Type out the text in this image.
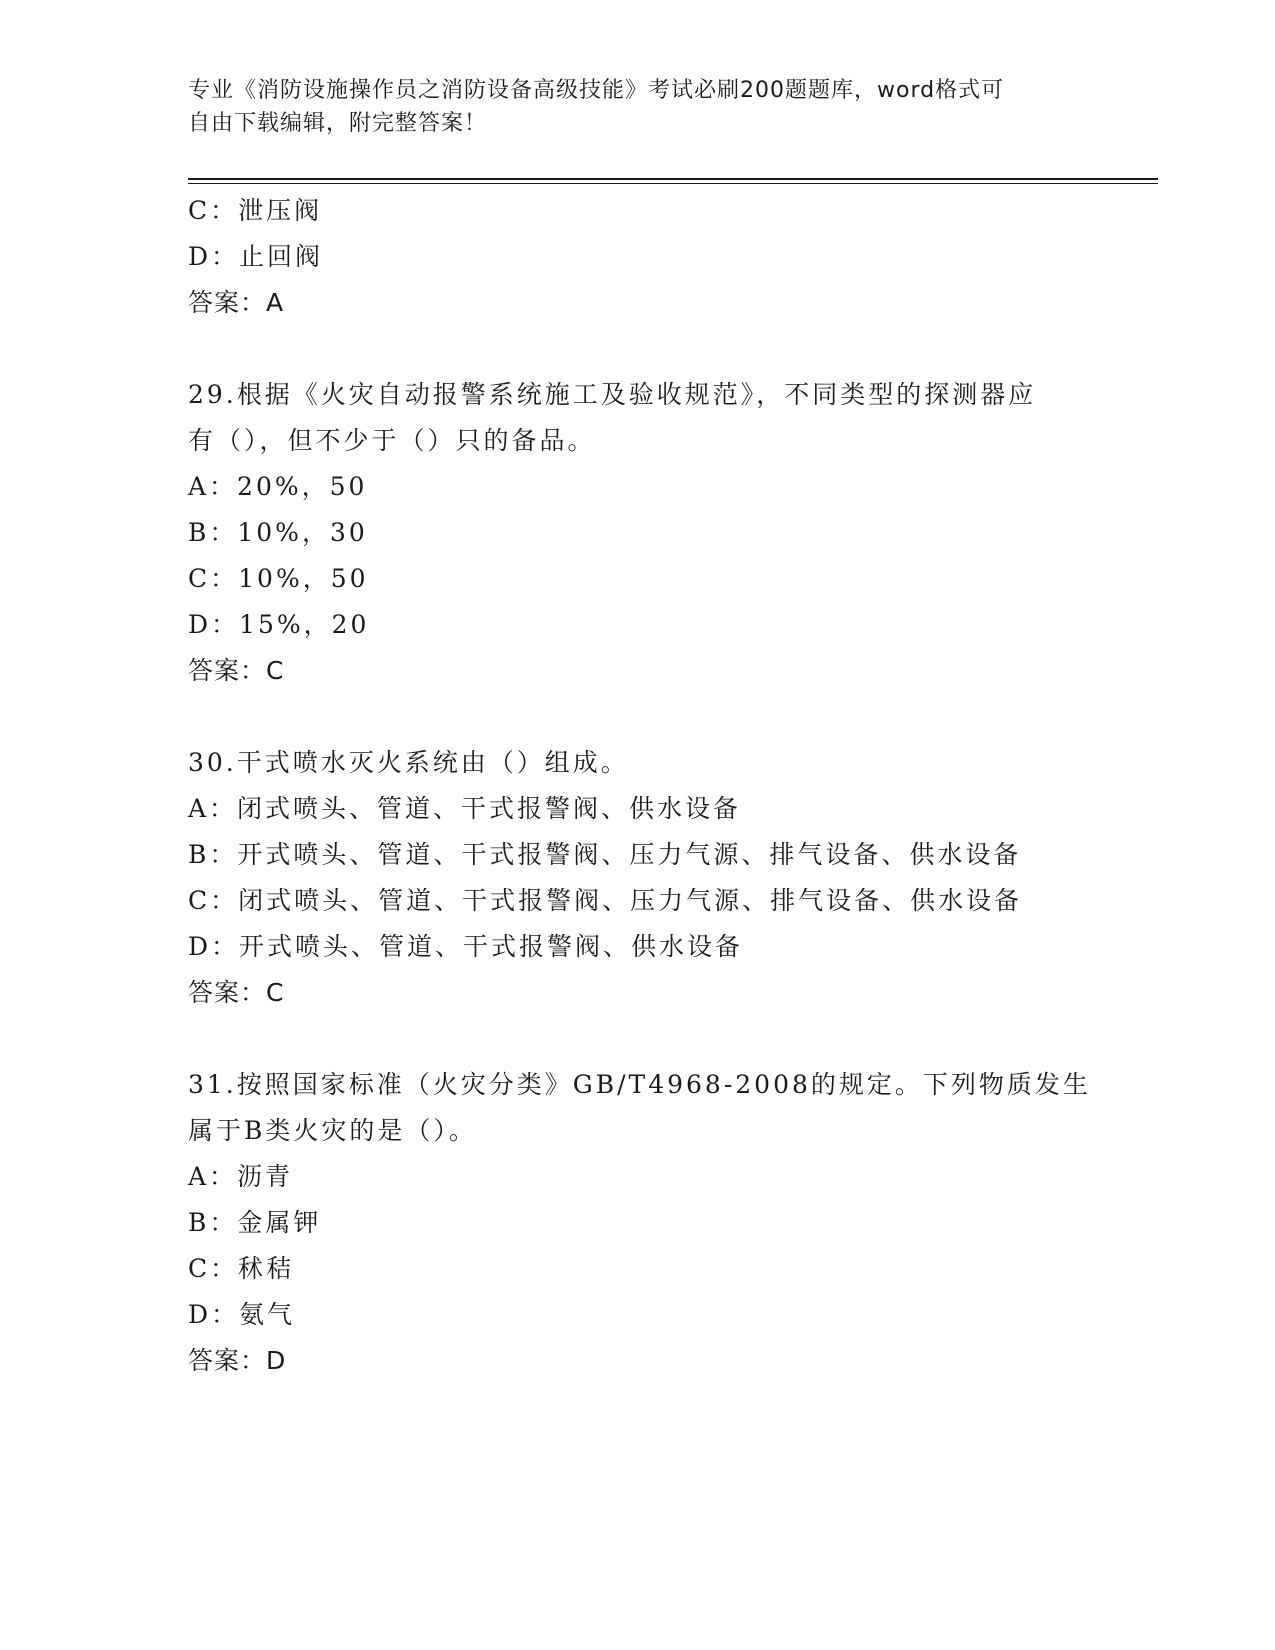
专业《消防设施操作员之消防设备高级技能》考试必刷200题题库，word格式可
自由下载编辑，附完整答案！
C：泄压阀
D：止回阀
答案：A
29.根据《火灾自动报警系统施工及验收规范》，不同类型的探测器应
有（），但不少于（）只的备品。
A：20%，50
B：10%，30
C：10%，50
D：15%，20
答案：C
30.干式喷水灭火系统由（）组成。
A：闭式喷头、管道、干式报警阀、供水设备
B：开式喷头、管道、干式报警阀、压力气源、排气设备、供水设备
C：闭式喷头、管道、干式报警阀、压力气源、排气设备、供水设备
D：开式喷头、管道、干式报警阀、供水设备
答案：C
31.按照国家标准（火灾分类》GB/T4968-2008的规定。下列物质发生
属于B类火灾的是（）。
A：沥青
B：金属钾
C：秫秸
D：氨气
答案：D
